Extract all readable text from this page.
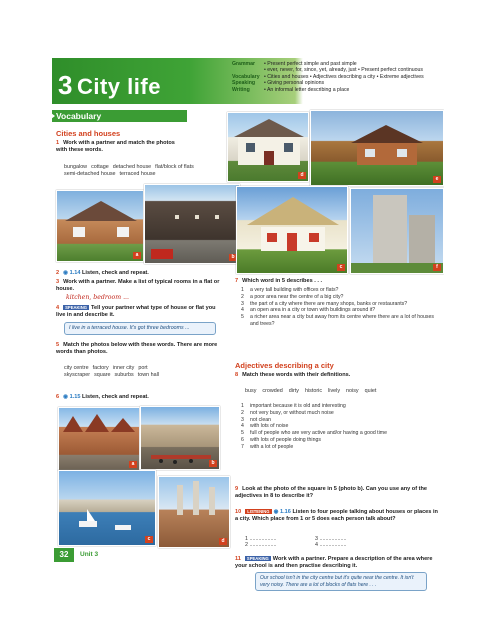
3 City life
Grammar	• Present perfect simple and past simple
• ever, never, for, since, yet, already, just • Present perfect continuous
Vocabulary • Cities and houses • Adjectives describing a city • Extreme adjectives
Speaking	• Giving personal opinions
Writing	• An informal letter describing a place
Vocabulary
Cities and houses
1 Work with a partner and match the photos with these words.
bungalow cottage detached house flat/block of flats
semi-detached house terraced house	d
e
a	b
c	f
2 ◉ 1.14 Listen, check and repeat.
3 Work with a partner. Make a list of typical rooms in a flat or house.
kitchen, bedroom ...
4 SPEAKING Tell your partner what type of house or flat you live in and describe it.
I live in a terraced house. It's got three bedrooms ...
5 Match the photos below with these words. There are more words than photos.
city centre factory inner city port
skyscraper square suburbs town hall
6 ◉ 1.15 Listen, check and repeat.
a	b
c	d
7 Which word in 5 describes . . .
1	a very tall building with offices or flats?
2	a poor area near the centre of a big city?
3	the part of a city where there are many shops, banks or restaurants?
4	an open area in a city or town with buildings around it?
5	a richer area near a city but away from its centre where there are a lot of houses and trees?
Adjectives describing a city
8 Match these words with their definitions.
busy crowded dirty historic lively noisy quiet
1	important because it is old and interesting
2	not very busy, or without much noise
3	not clean
4	with lots of noise
5	full of people who are very active and/or having a good time
6	with lots of people doing things
7	with a lot of people
9 Look at the photo of the square in 5 (photo b). Can you use any of the adjectives in 8 to describe it?
10 LISTENING ◉ 1.16 Listen to four people talking about houses or places in a city. Which place from 1 or 5 does each person talk about?
1 ..................	3 ..................
2 ..................	4 ..................
11 SPEAKING Work with a partner. Prepare a description of the area where your school is and then practise describing it.
32	Unit 3
Our school isn't in the city centre but it's quite near the centre. It isn't very noisy. There are a lot of blocks of flats here . . .
